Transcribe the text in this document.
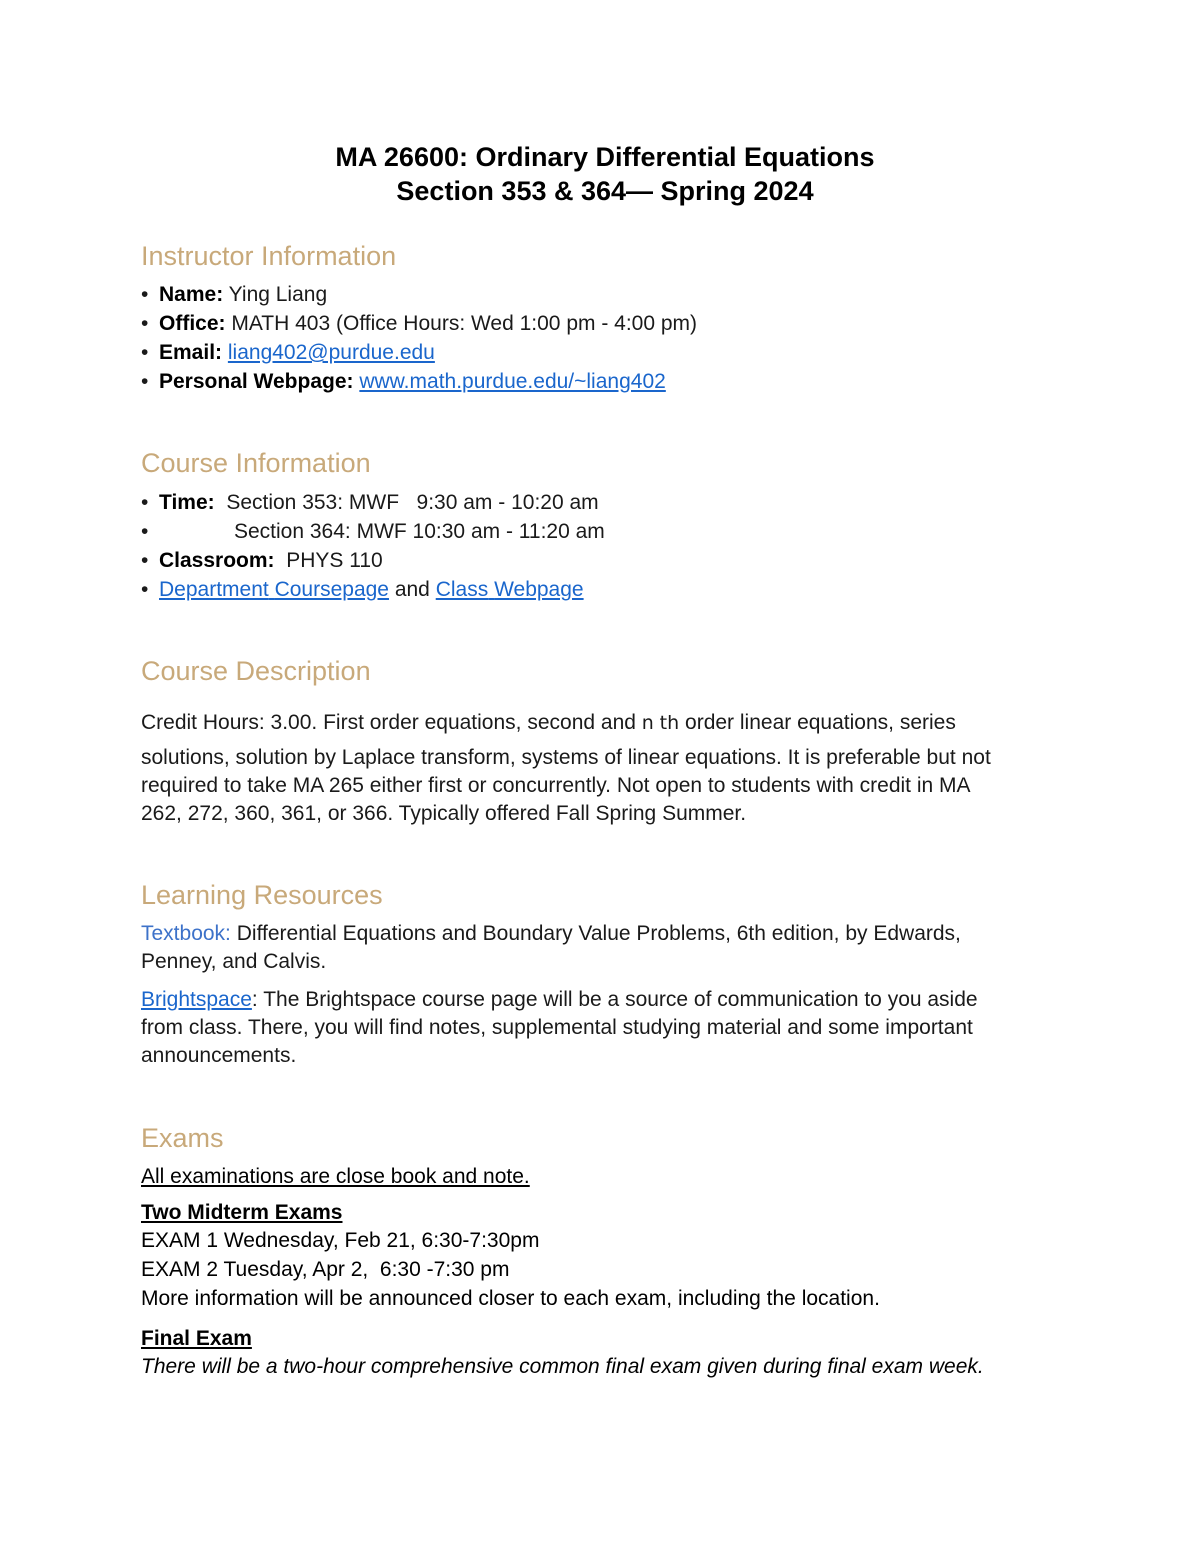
MA 26600: Ordinary Differential Equations
Section 353 & 364— Spring 2024
Instructor Information
• Name: Ying Liang
• Office: MATH 403 (Office Hours: Wed 1:00 pm - 4:00 pm)
• Email: liang402@purdue.edu
• Personal Webpage: www.math.purdue.edu/~liang402
Course Information
• Time: Section 353: MWF   9:30 am - 10:20 am
•	Section 364: MWF 10:30 am - 11:20 am
• Classroom: PHYS 110
• Department Coursepage and Class Webpage
Course Description
Credit Hours: 3.00. First order equations, second and n th order linear equations, series
solutions, solution by Laplace transform, systems of linear equations. It is preferable but not
required to take MA 265 either first or concurrently. Not open to students with credit in MA
262, 272, 360, 361, or 366. Typically offered Fall Spring Summer.
Learning Resources
Textbook: Differential Equations and Boundary Value Problems, 6th edition, by Edwards,
Penney, and Calvis.
Brightspace: The Brightspace course page will be a source of communication to you aside
from class. There, you will find notes, supplemental studying material and some important
announcements.
Exams
All examinations are close book and note.
Two Midterm Exams
EXAM 1 Wednesday, Feb 21, 6:30-7:30pm
EXAM 2 Tuesday, Apr 2,  6:30 -7:30 pm
More information will be announced closer to each exam, including the location.
Final Exam
There will be a two-hour comprehensive common final exam given during final exam week.
